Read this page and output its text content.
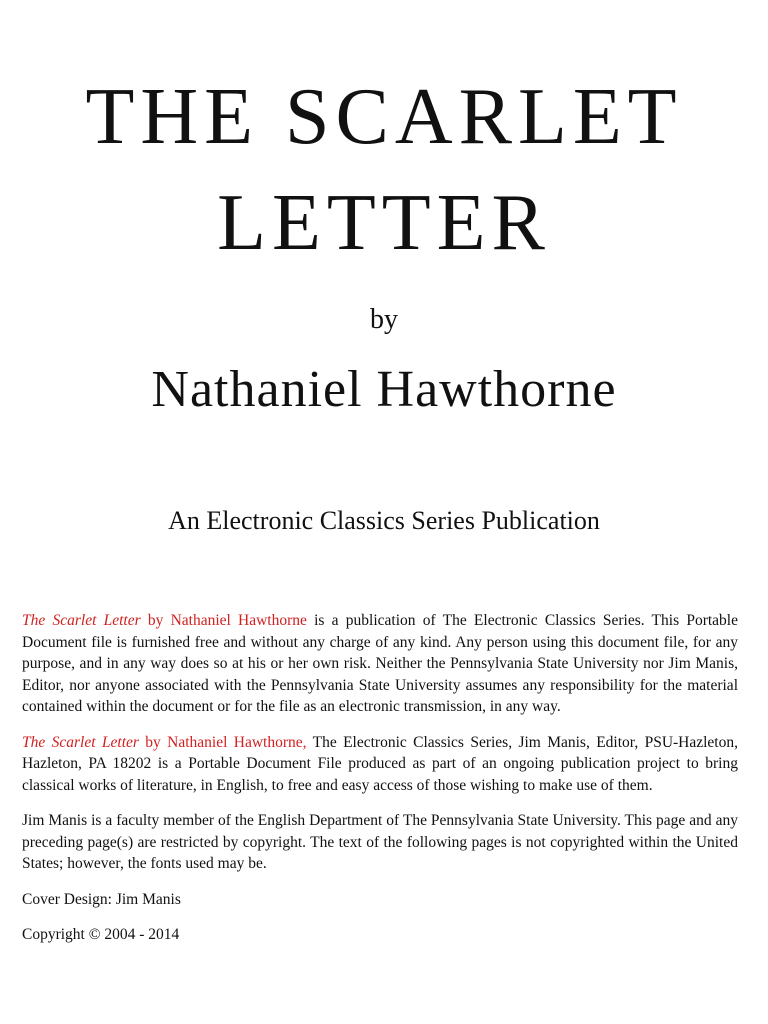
THE SCARLET
LETTER
by
Nathaniel Hawthorne
An Electronic Classics Series Publication

The Scarlet Letter by Nathaniel Hawthorne is a publication of The Electronic Classics Series. This Portable Document file is furnished free and without any charge of any kind. Any person using this document file, for any purpose, and in any way does so at his or her own risk. Neither the Pennsylvania State University nor Jim Manis, Editor, nor anyone associated with the Pennsylvania State University assumes any responsibility for the material contained within the document or for the file as an electronic transmission, in any way.

The Scarlet Letter by Nathaniel Hawthorne, The Electronic Classics Series, Jim Manis, Editor, PSU-Hazleton, Hazleton, PA 18202 is a Portable Document File produced as part of an ongoing publication project to bring classical works of literature, in English, to free and easy access of those wishing to make use of them.

Jim Manis is a faculty member of the English Department of The Pennsylvania State University. This page and any preceding page(s) are restricted by copyright. The text of the following pages is not copyrighted within the United States; however, the fonts used may be.

Cover Design: Jim Manis

Copyright © 2004 - 2014
